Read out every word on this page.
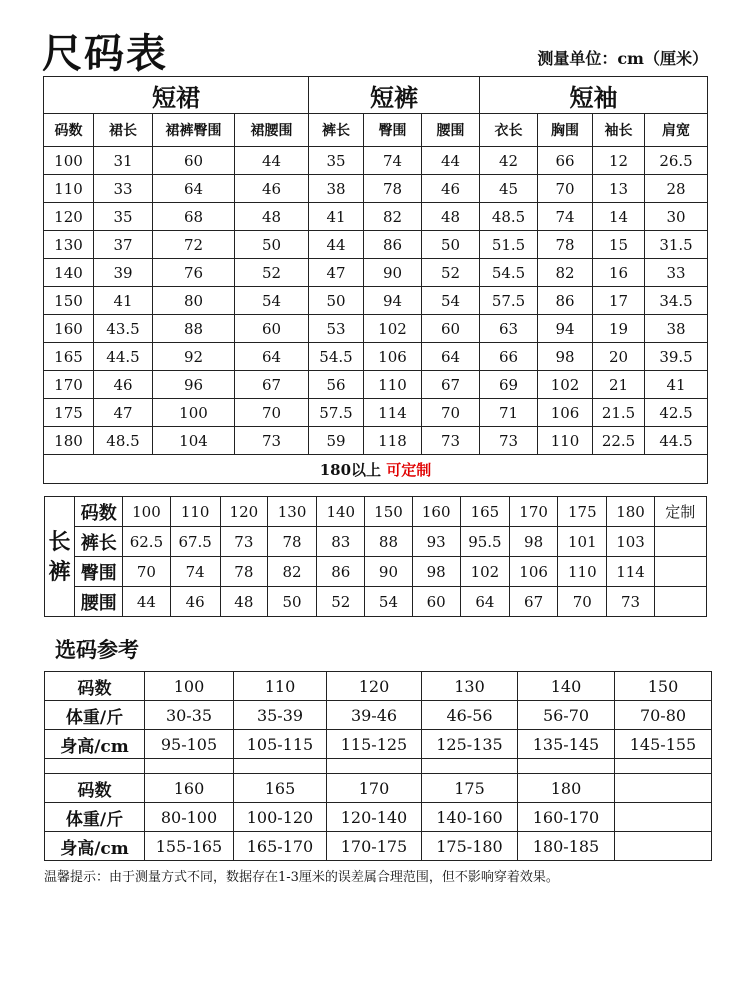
尺码表	测量单位：cm（厘米）
短裙				短裤			短袖			
码数	裙长	裙裤臀围	裙腰围	裤长	臀围	腰围	衣长	胸围	袖长	肩宽
100	31	60	44	35	74	44	42	66	12	26.5
110	33	64	46	38	78	46	45	70	13	28
120	35	68	48	41	82	48	48.5	74	14	30
130	37	72	50	44	86	50	51.5	78	15	31.5
140	39	76	52	47	90	52	54.5	82	16	33
150	41	80	54	50	94	54	57.5	86	17	34.5
160	43.5	88	60	53	102	60	63	94	19	38
165	44.5	92	64	54.5	106	64	66	98	20	39.5
170	46	96	67	56	110	67	69	102	21	41
175	47	100	70	57.5	114	70	71	106	21.5	42.5
180	48.5	104	73	59	118	73	73	110	22.5	44.5
180以上 可定制										
长裤	码数	100	110	120	130	140	150	160	165	170	175	180	定制
	裤长	62.5	67.5	73	78	83	88	93	95.5	98	101	103	
	臀围	70	74	78	82	86	90	98	102	106	110	114	
	腰围	44	46	48	50	52	54	60	64	67	70	73	
选码参考
码数	100	110	120	130	140	150
体重/斤	30-35	35-39	39-46	46-56	56-70	70-80
身高/cm	95-105	105-115	115-125	125-135	135-145	145-155

码数	160	165	170	175	180	
体重/斤	80-100	100-120	120-140	140-160	160-170	
身高/cm	155-165	165-170	170-175	175-180	180-185	
温馨提示：由于测量方式不同，数据存在1-3厘米的误差属合理范围，但不影响穿着效果。
